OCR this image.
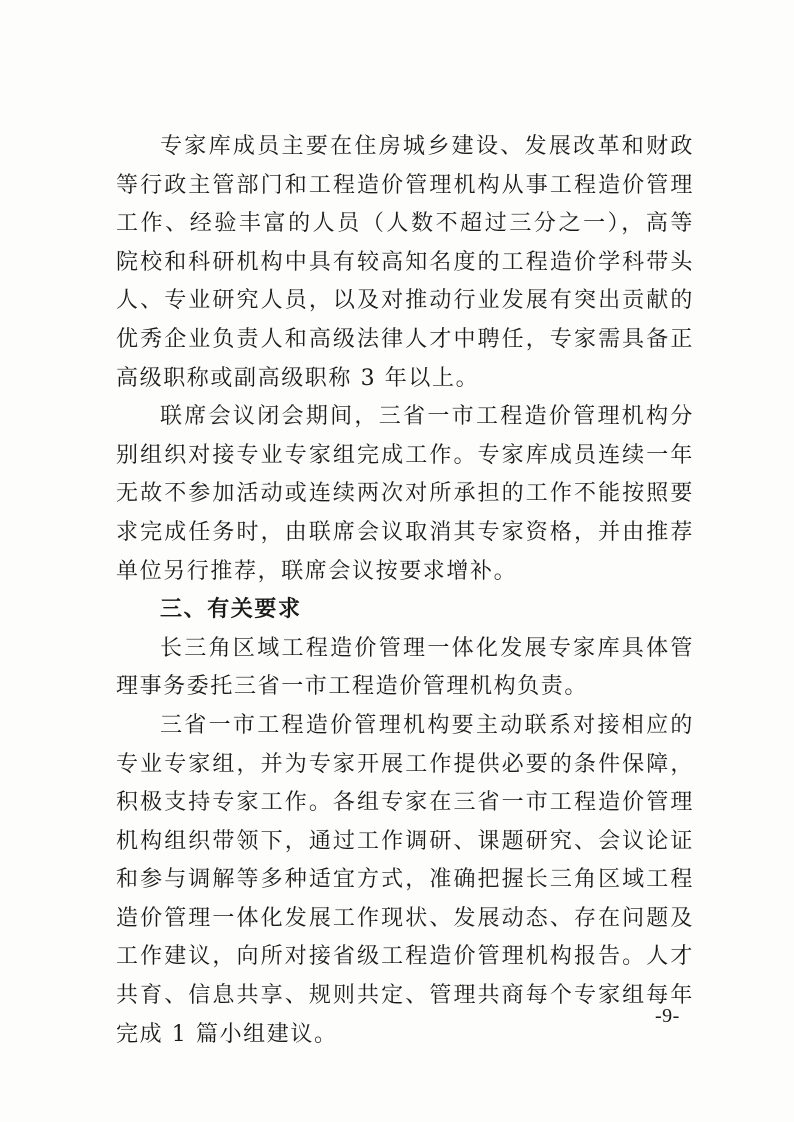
专家库成员主要在住房城乡建设、发展改革和财政等行政主管部门和工程造价管理机构从事工程造价管理工作、经验丰富的人员（人数不超过三分之一），高等院校和科研机构中具有较高知名度的工程造价学科带头人、专业研究人员，以及对推动行业发展有突出贡献的优秀企业负责人和高级法律人才中聘任，专家需具备正高级职称或副高级职称 3 年以上。

联席会议闭会期间，三省一市工程造价管理机构分别组织对接专业专家组完成工作。专家库成员连续一年无故不参加活动或连续两次对所承担的工作不能按照要求完成任务时，由联席会议取消其专家资格，并由推荐单位另行推荐，联席会议按要求增补。

三、有关要求

长三角区域工程造价管理一体化发展专家库具体管理事务委托三省一市工程造价管理机构负责。

三省一市工程造价管理机构要主动联系对接相应的专业专家组，并为专家开展工作提供必要的条件保障，积极支持专家工作。各组专家在三省一市工程造价管理机构组织带领下，通过工作调研、课题研究、会议论证和参与调解等多种适宜方式，准确把握长三角区域工程造价管理一体化发展工作现状、发展动态、存在问题及工作建议，向所对接省级工程造价管理机构报告。人才共育、信息共享、规则共定、管理共商每个专家组每年完成 1 篇小组建议。

-9-
